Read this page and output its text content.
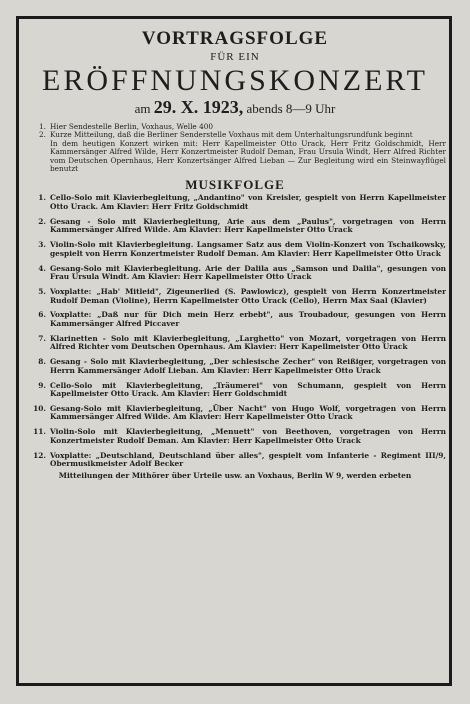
VORTRAGSFOLGE
FÜR EIN
ERÖFFNUNGSKONZERT
am 29. X. 1923, abends 8—9 Uhr
1. Hier Sendestelle Berlin, Voxhaus, Welle 400
2. Kurze Mitteilung, daß die Berliner Senderstelle Voxhaus mit dem Unterhaltungsrundfunk beginnt
In dem heutigen Konzert wirken mit: Herr Kapellmeister Otto Urack, Herr Fritz Goldschmidt, Herr Kammersänger Alfred Wilde, Herr Konzertmeister Rudolf Deman, Frau Ursula Windt, Herr Alfred Richter vom Deutschen Opernhaus, Herr Konzertsänger Alfred Lieban — Zur Begleitung wird ein Steinwayflügel benutzt
MUSIKFOLGE
1. Cello-Solo mit Klavierbegleitung, „Andantino" von Kreisler, gespielt von Herrn Kapellmeister Otto Urack. Am Klavier: Herr Fritz Goldschmidt
2. Gesang - Solo mit Klavierbegleitung, Arie aus dem „Paulus", vorgetragen von Herrn Kammersänger Alfred Wilde. Am Klavier: Herr Kapellmeister Otto Urack
3. Violin-Solo mit Klavierbegleitung. Langsamer Satz aus dem Violin-Konzert von Tschaikowsky, gespielt von Herrn Konzertmeister Rudolf Deman. Am Klavier: Herr Kapellmeister Otto Urack
4. Gesang-Solo mit Klavierbegleitung. Arie der Dalila aus „Samson und Dalila", gesungen von Frau Ursula Windt. Am Klavier: Herr Kapellmeister Otto Urack
5. Voxplatte: „Hab' Mitleid", Zigeunerlied (S. Pawlowicz), gespielt von Herrn Konzertmeister Rudolf Deman (Violine), Herrn Kapellmeister Otto Urack (Cello), Herrn Max Saal (Klavier)
6. Voxplatte: „Daß nur für Dich mein Herz erbebt", aus Troubadour, gesungen von Herrn Kammersänger Alfred Piccaver
7. Klarinetten - Solo mit Klavierbegleitung, „Larghetto" von Mozart, vorgetragen von Herrn Alfred Richter vom Deutschen Opernhaus. Am Klavier: Herr Kapellmeister Otto Urack
8. Gesang - Solo mit Klavierbegleitung, „Der schlesische Zecher" von Reißiger, vorgetragen von Herrn Kammersänger Adolf Lieban. Am Klavier: Herr Kapellmeister Otto Urack
9. Cello-Solo mit Klavierbegleitung, „Träumerei" von Schumann, gespielt von Herrn Kapellmeister Otto Urack. Am Klavier: Herr Goldschmidt
10. Gesang-Solo mit Klavierbegleitung, „Über Nacht" von Hugo Wolf, vorgetragen von Herrn Kammersänger Alfred Wilde. Am Klavier: Herr Kapellmeister Otto Urack
11. Violin-Solo mit Klavierbegleitung, „Menuett" von Beethoven, vorgetragen von Herrn Konzertmeister Rudolf Deman. Am Klavier: Herr Kapellmeister Otto Urack
12. Voxplatte: „Deutschland, Deutschland über alles", gespielt vom Infanterie - Regiment III/9, Obermusikmeister Adolf Becker
Mitteilungen der Mithörer über Urteile usw. an Voxhaus, Berlin W 9, werden erbeten
